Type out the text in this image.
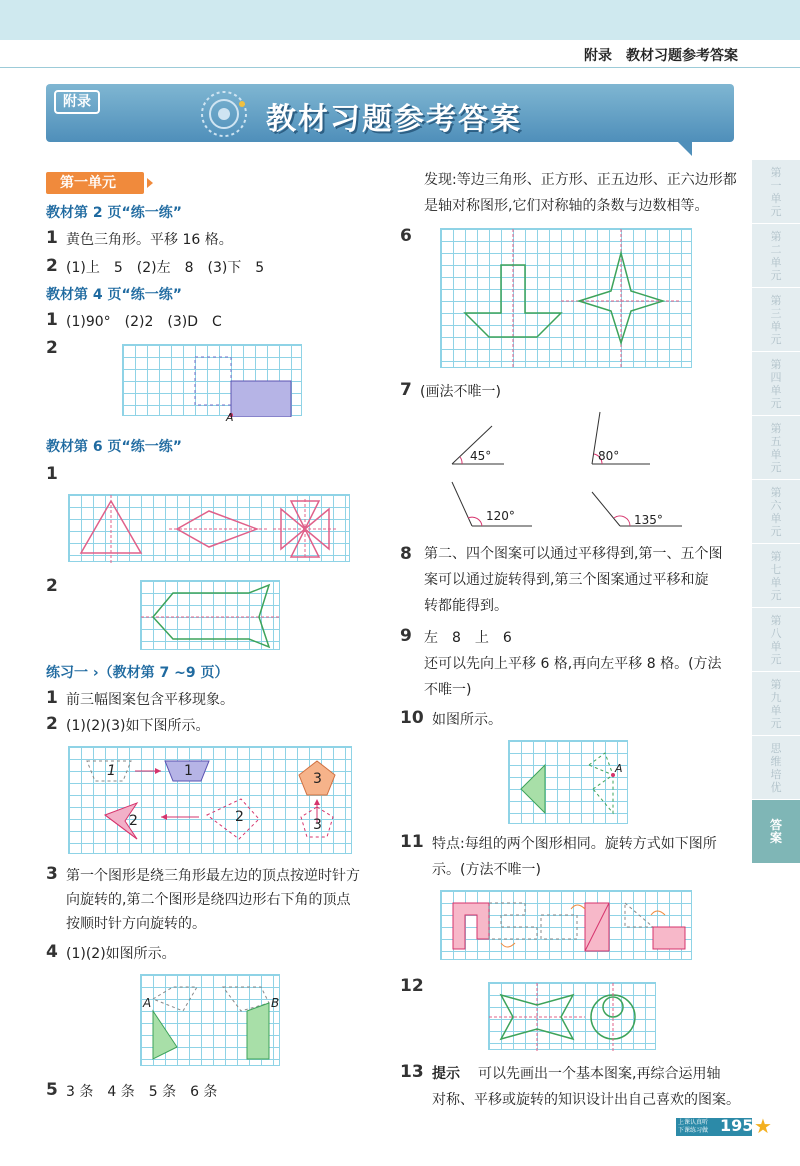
附录　教材习题参考答案
附录	教材习题参考答案
第一单元
第二单元
第三单元
第四单元
第五单元
第六单元
第七单元
第八单元
第九单元
思维培优
答案
第一单元
教材第 2 页“练一练”
1 黄色三角形。平移 16 格。
2 (1)上　5　(2)左　8　(3)下　5
教材第 4 页“练一练”
1 (1)90°　(2)2　(3)D　C
2
A
教材第 6 页“练一练”
1
2
练习一 ›（教材第 7 ~9 页）
1 前三幅图案包含平移现象。
2 (1)(2)(3)如下图所示。
1	1	3
3
2	2
3 第一个图形是绕三角形最左边的顶点按逆时针方
向旋转的,第二个图形是绕四边形右下角的顶点
按顺时针方向旋转的。
4 (1)(2)如图所示。
A	B
5 3 条　4 条　5 条　6 条
发现:等边三角形、正方形、正五边形、正六边形都
是轴对称图形,它们对称轴的条数与边数相等。
6
7 (画法不唯一)
45°	80°
120°	135°
8 第二、四个图案可以通过平移得到,第一、五个图
案可以通过旋转得到,第三个图案通过平移和旋
转都能得到。
9 左　8　上　6
还可以先向上平移 6 格,再向左平移 8 格。(方法
不唯一)
10 如图所示。
A
11 特点:每组的两个图形相同。旋转方式如下图所
示。(方法不唯一)
12
13 提示 可以先画出一个基本图案,再综合运用轴
对称、平移或旋转的知识设计出自己喜欢的图案。
上课认真听
下课练习做 195 ★
